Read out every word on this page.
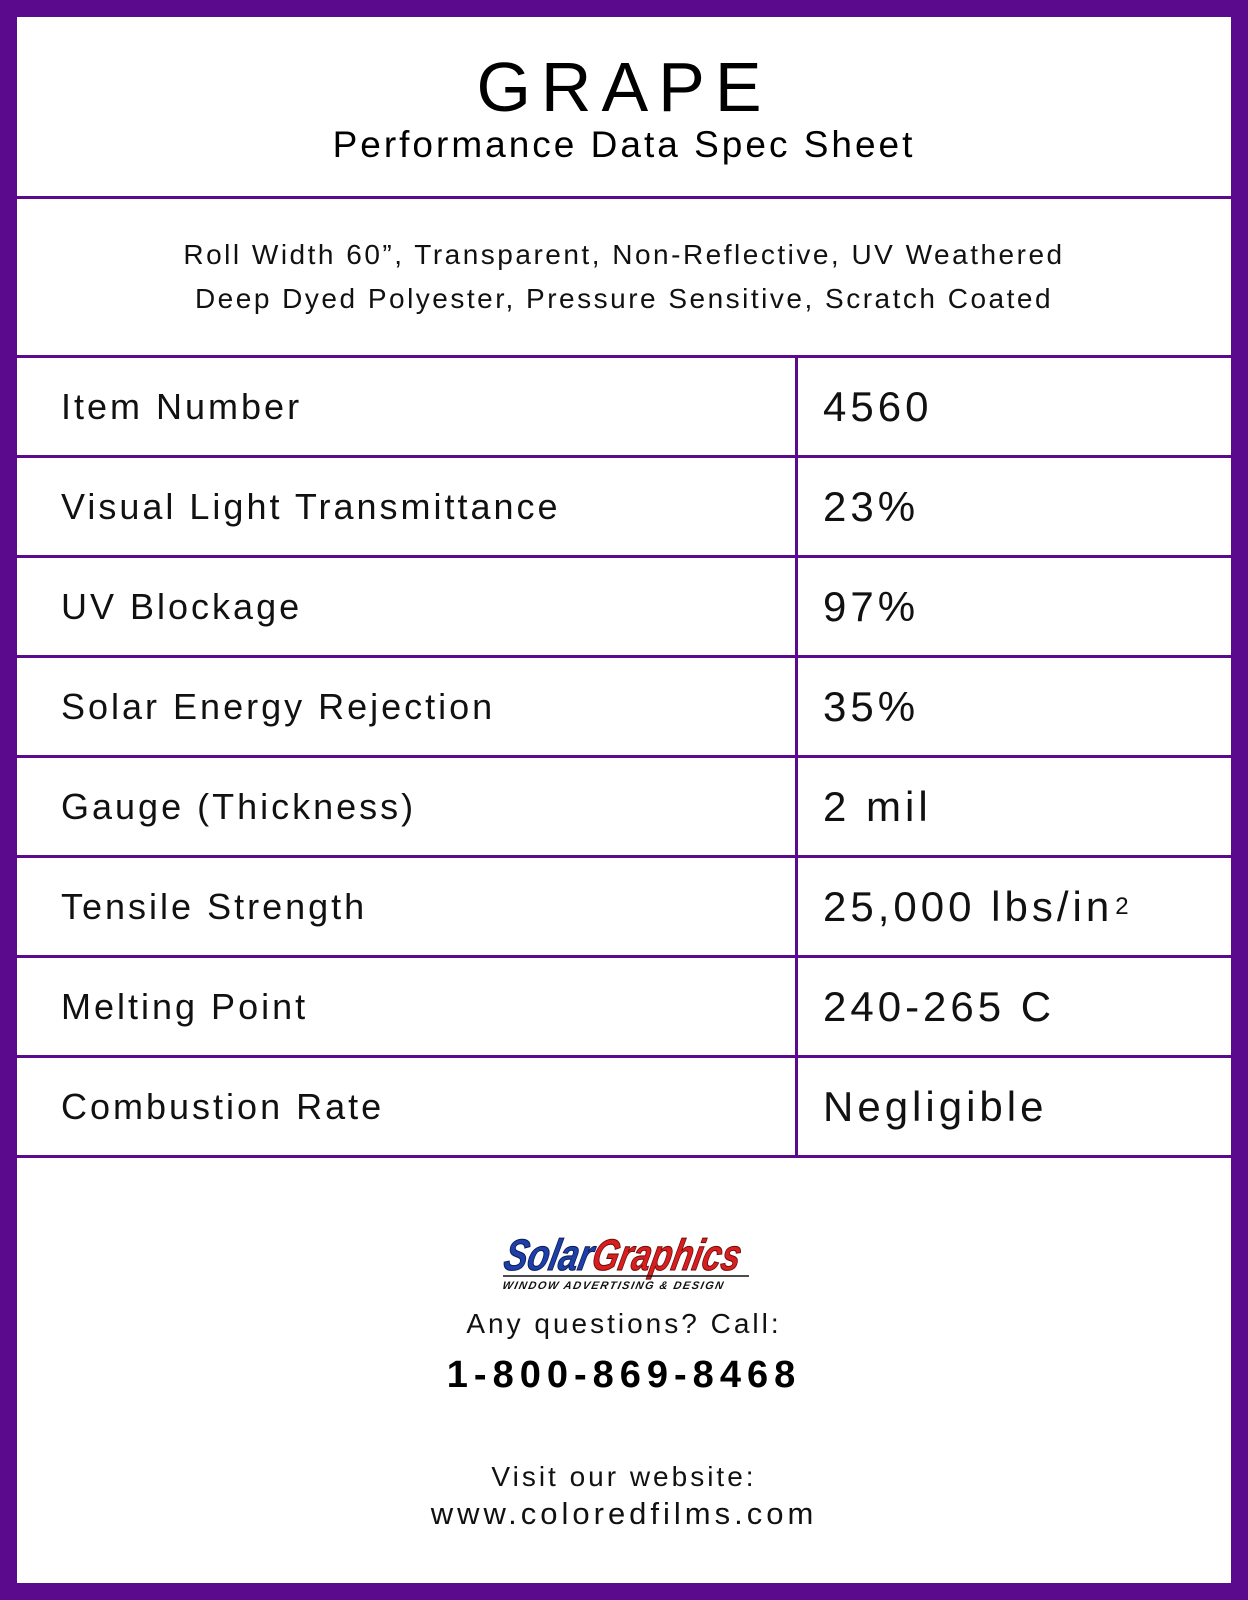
GRAPE
Performance Data Spec Sheet
Roll Width 60”, Transparent, Non-Reflective, UV Weathered
Deep Dyed Polyester, Pressure Sensitive, Scratch Coated
Item Number	4560
Visual Light Transmittance	23%
UV Blockage	97%
Solar Energy Rejection	35%
Gauge (Thickness)	2 mil
Tensile Strength	25,000 lbs/in 2
Melting Point	240-265 C
Combustion Rate	Negligible
Solar
Graphics
WINDOW ADVERTISING & DESIGN
Any questions? Call:
1-800-869-8468
Visit our website:
www.coloredfilms.com
